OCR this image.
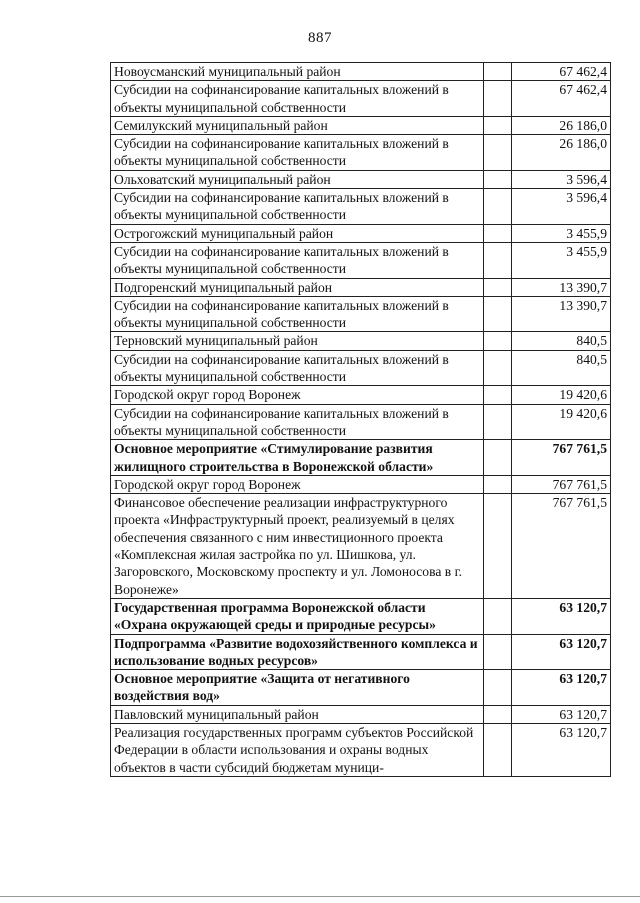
887
Новоусманский муниципальный район		67 462,4
Субсидии на софинансирование капитальных вложений в объекты муниципальной собственности		67 462,4
Семилукский муниципальный район		26 186,0
Субсидии на софинансирование капитальных вложений в объекты муниципальной собственности		26 186,0
Ольховатский муниципальный район		3 596,4
Субсидии на софинансирование капитальных вложений в объекты муниципальной собственности		3 596,4
Острогожский муниципальный район		3 455,9
Субсидии на софинансирование капитальных вложений в объекты муниципальной собственности		3 455,9
Подгоренский муниципальный район		13 390,7
Субсидии на софинансирование капитальных вложений в объекты муниципальной собственности		13 390,7
Терновский муниципальный район		840,5
Субсидии на софинансирование капитальных вложений в объекты муниципальной собственности		840,5
Городской округ город Воронеж		19 420,6
Субсидии на софинансирование капитальных вложений в объекты муниципальной собственности		19 420,6
Основное мероприятие «Стимулирование развития жилищного строительства в Воронежской области»		767 761,5
Городской округ город Воронеж		767 761,5
Финансовое обеспечение реализации инфраструктурного проекта «Инфраструктурный проект, реализуемый в целях обеспечения связанного с ним инвестиционного проекта «Комплексная жилая застройка по ул. Шишкова, ул. Загоровского, Московскому проспекту и ул. Ломоносова в г. Воронеже»		767 761,5
Государственная программа Воронежской области «Охрана окружающей среды и природные ресурсы»		63 120,7
Подпрограмма «Развитие водохозяйственного комплекса и использование водных ресурсов»		63 120,7
Основное мероприятие «Защита от негативного воздействия вод»		63 120,7
Павловский муниципальный район		63 120,7
Реализация государственных программ субъектов Российской Федерации в области использования и охраны водных объектов в части субсидий бюджетам муници-		63 120,7
